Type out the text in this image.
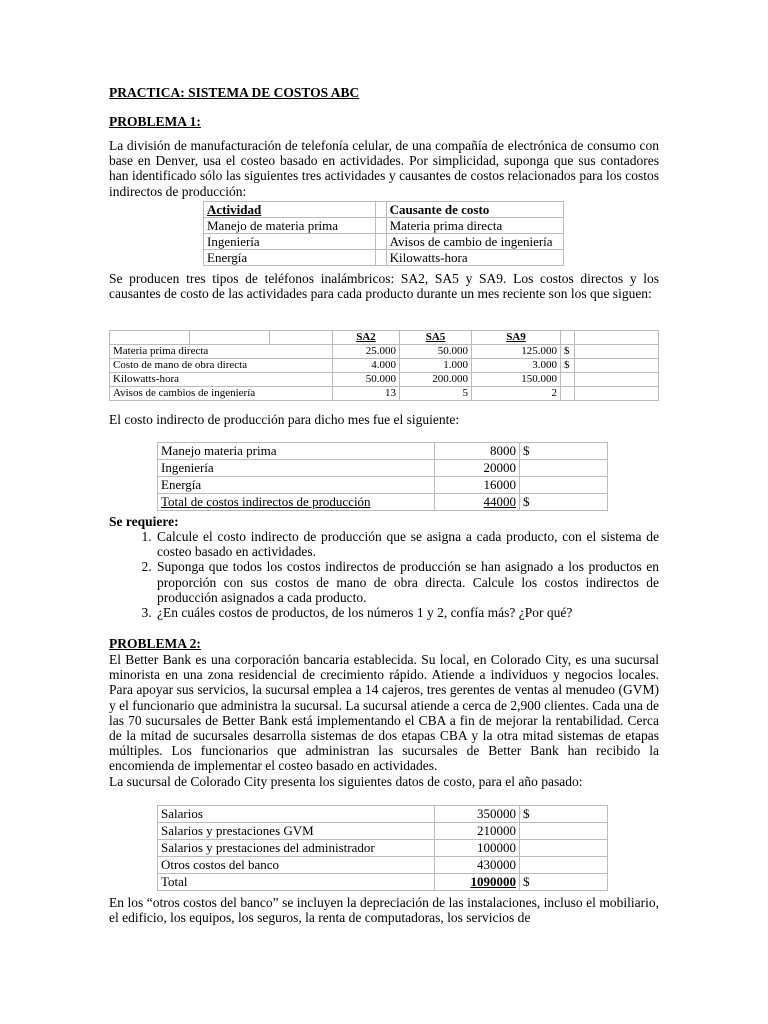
PRACTICA: SISTEMA DE COSTOS ABC
PROBLEMA 1:
La división de manufacturación de telefonía celular, de una compañía de electrónica de consumo con base en Denver, usa el costeo basado en actividades. Por simplicidad, suponga que sus contadores han identificado sólo las siguientes tres actividades y causantes de costos relacionados para los costos indirectos de producción:
Actividad		Causante de costo
Manejo de materia prima		Materia prima directa
Ingeniería		Avisos de cambio de ingeniería
Energía		Kilowatts-hora
Se producen tres tipos de teléfonos inalámbricos: SA2, SA5 y SA9. Los costos directos y los causantes de costo de las actividades para cada producto durante un mes reciente son los que siguen:
			SA2	SA5	SA9		
Materia prima directa			25.000	50.000	125.000	$	
Costo de mano de obra directa			4.000	1.000	3.000	$	
Kilowatts-hora			50.000	200.000	150.000		
Avisos de cambios de ingeniería			13	5	2		
El costo indirecto de producción para dicho mes fue el siguiente:
Manejo materia prima	8000	$
Ingeniería	20000	
Energía	16000	
Total de costos indirectos de producción	44000	$
Se requiere:
1. Calcule el costo indirecto de producción que se asigna a cada producto, con el sistema de costeo basado en actividades.
2. Suponga que todos los costos indirectos de producción se han asignado a los productos en proporción con sus costos de mano de obra directa. Calcule los costos indirectos de producción asignados a cada producto.
3. ¿En cuáles costos de productos, de los números 1 y 2, confía más? ¿Por qué?
PROBLEMA 2:
El Better Bank es una corporación bancaria establecida. Su local, en Colorado City, es una sucursal minorista en una zona residencial de crecimiento rápido. Atiende a individuos y negocios locales. Para apoyar sus servicios, la sucursal emplea a 14 cajeros, tres gerentes de ventas al menudeo (GVM) y el funcionario que administra la sucursal. La sucursal atiende a cerca de 2,900 clientes. Cada una de las 70 sucursales de Better Bank está implementando el CBA a fin de mejorar la rentabilidad. Cerca de la mitad de sucursales desarrolla sistemas de dos etapas CBA y la otra mitad sistemas de etapas múltiples. Los funcionarios que administran las sucursales de Better Bank han recibido la encomienda de implementar el costeo basado en actividades.
La sucursal de Colorado City presenta los siguientes datos de costo, para el año pasado:
Salarios	350000	$
Salarios y prestaciones GVM	210000	
Salarios y prestaciones del administrador	100000	
Otros costos del banco	430000	
Total	1090000	$
En los “otros costos del banco” se incluyen la depreciación de las instalaciones, incluso el mobiliario, el edificio, los equipos, los seguros, la renta de computadoras, los servicios de
